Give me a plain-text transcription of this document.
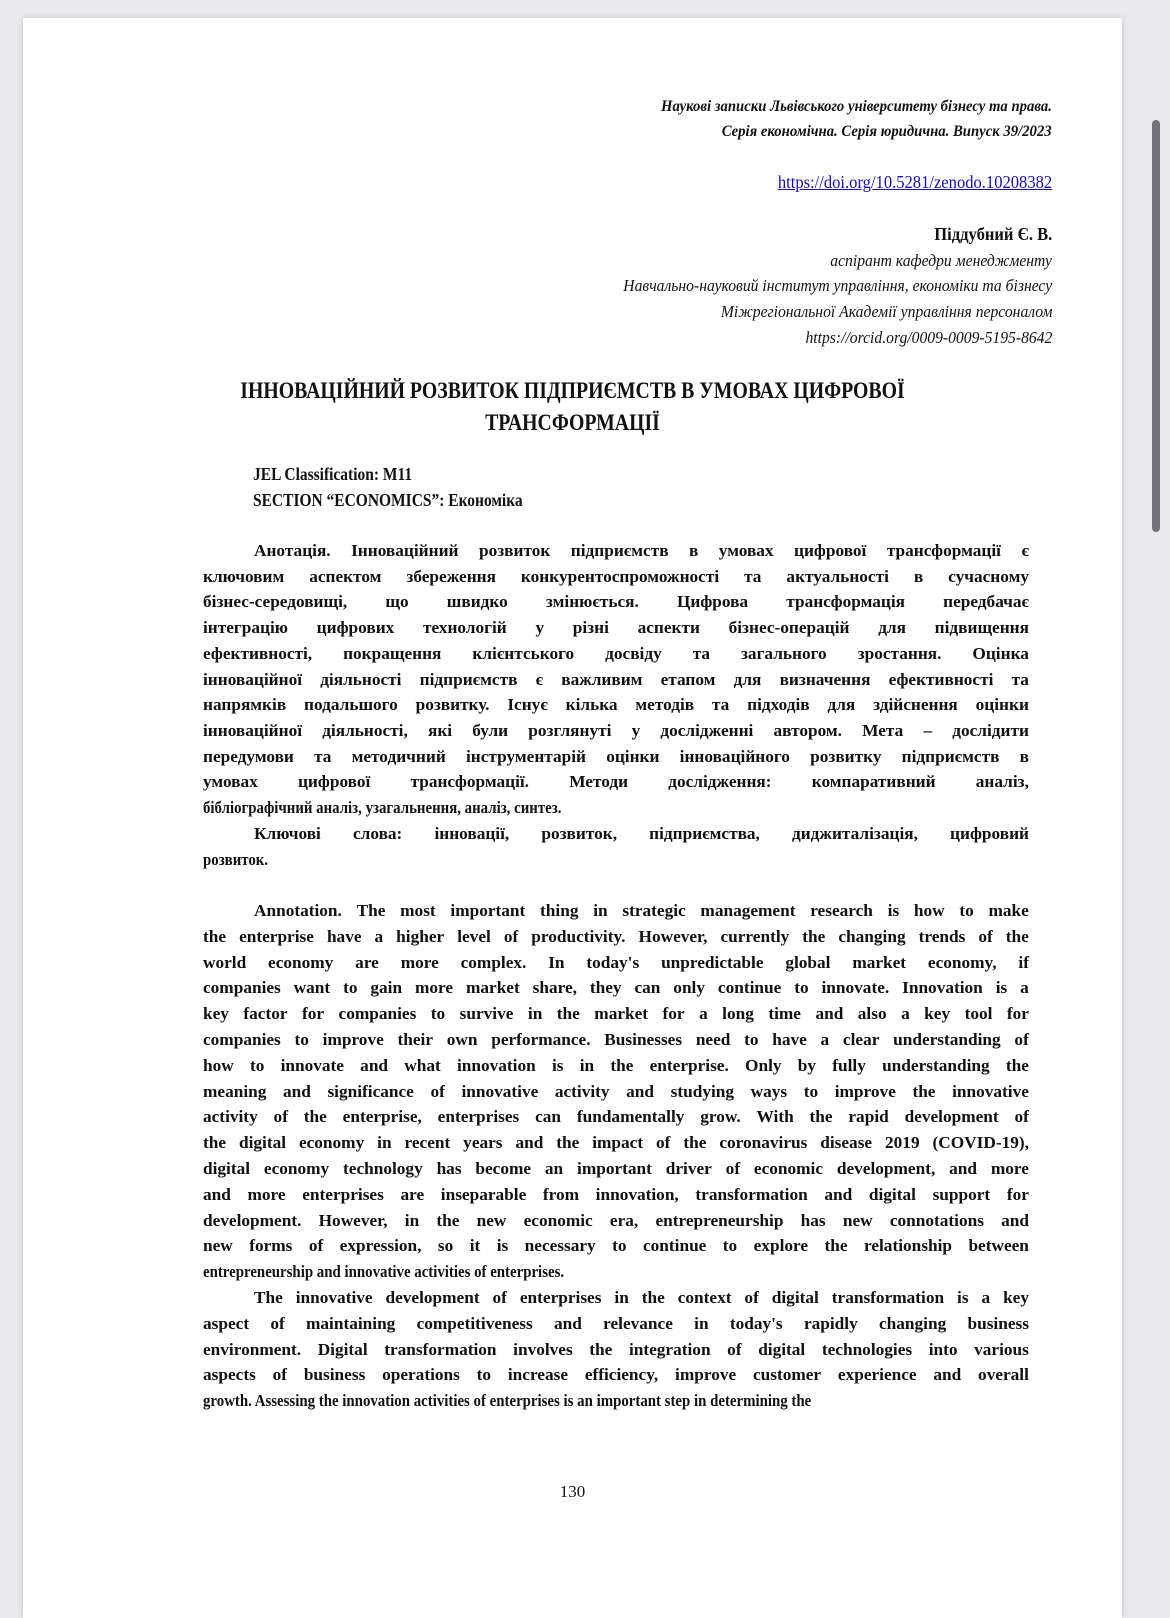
Наукові записки Львівського університету бізнесу та права.
Серія економічна. Серія юридична. Випуск 39/2023
https://doi.org/10.5281/zenodo.10208382
Піддубний Є. В.
аспірант кафедри менеджменту
Навчально-науковий інститут управління, економіки та бізнесу
Міжрегіональної Академії управління персоналом
https://orcid.org/0009-0009-5195-8642
ІННОВАЦІЙНИЙ РОЗВИТОК ПІДПРИЄМСТВ В УМОВАХ ЦИФРОВОЇ
ТРАНСФОРМАЦІЇ
JEL Classification: M11
SECTION “ECONOMICS”: Економіка
Анотація. Інноваційний розвиток підприємств в умовах цифрової трансформації є
ключовим аспектом збереження конкурентоспроможності та актуальності в сучасному
бізнес-середовищі, що швидко змінюється. Цифрова трансформація передбачає
інтеграцію цифрових технологій у різні аспекти бізнес-операцій для підвищення
ефективності, покращення клієнтського досвіду та загального зростання. Оцінка
інноваційної діяльності підприємств є важливим етапом для визначення ефективності та
напрямків подальшого розвитку. Існує кілька методів та підходів для здійснення оцінки
інноваційної діяльності, які були розглянуті у дослідженні автором. Мета – дослідити
передумови та методичний інструментарій оцінки інноваційного розвитку підприємств в
умовах цифрової трансформації. Методи дослідження: компаративний аналіз,
бібліографічний аналіз, узагальнення, аналіз, синтез.
Ключові слова: інновації, розвиток, підприємства, диджиталізація, цифровий
розвиток.
Annotation. The most important thing in strategic management research is how to make
the enterprise have a higher level of productivity. However, currently the changing trends of the
world economy are more complex. In today's unpredictable global market economy, if
companies want to gain more market share, they can only continue to innovate. Innovation is a
key factor for companies to survive in the market for a long time and also a key tool for
companies to improve their own performance. Businesses need to have a clear understanding of
how to innovate and what innovation is in the enterprise. Only by fully understanding the
meaning and significance of innovative activity and studying ways to improve the innovative
activity of the enterprise, enterprises can fundamentally grow. With the rapid development of
the digital economy in recent years and the impact of the coronavirus disease 2019 (COVID-19),
digital economy technology has become an important driver of economic development, and more
and more enterprises are inseparable from innovation, transformation and digital support for
development. However, in the new economic era, entrepreneurship has new connotations and
new forms of expression, so it is necessary to continue to explore the relationship between
entrepreneurship and innovative activities of enterprises.
The innovative development of enterprises in the context of digital transformation is a key
aspect of maintaining competitiveness and relevance in today's rapidly changing business
environment. Digital transformation involves the integration of digital technologies into various
aspects of business operations to increase efficiency, improve customer experience and overall
growth. Assessing the innovation activities of enterprises is an important step in determining the
130
